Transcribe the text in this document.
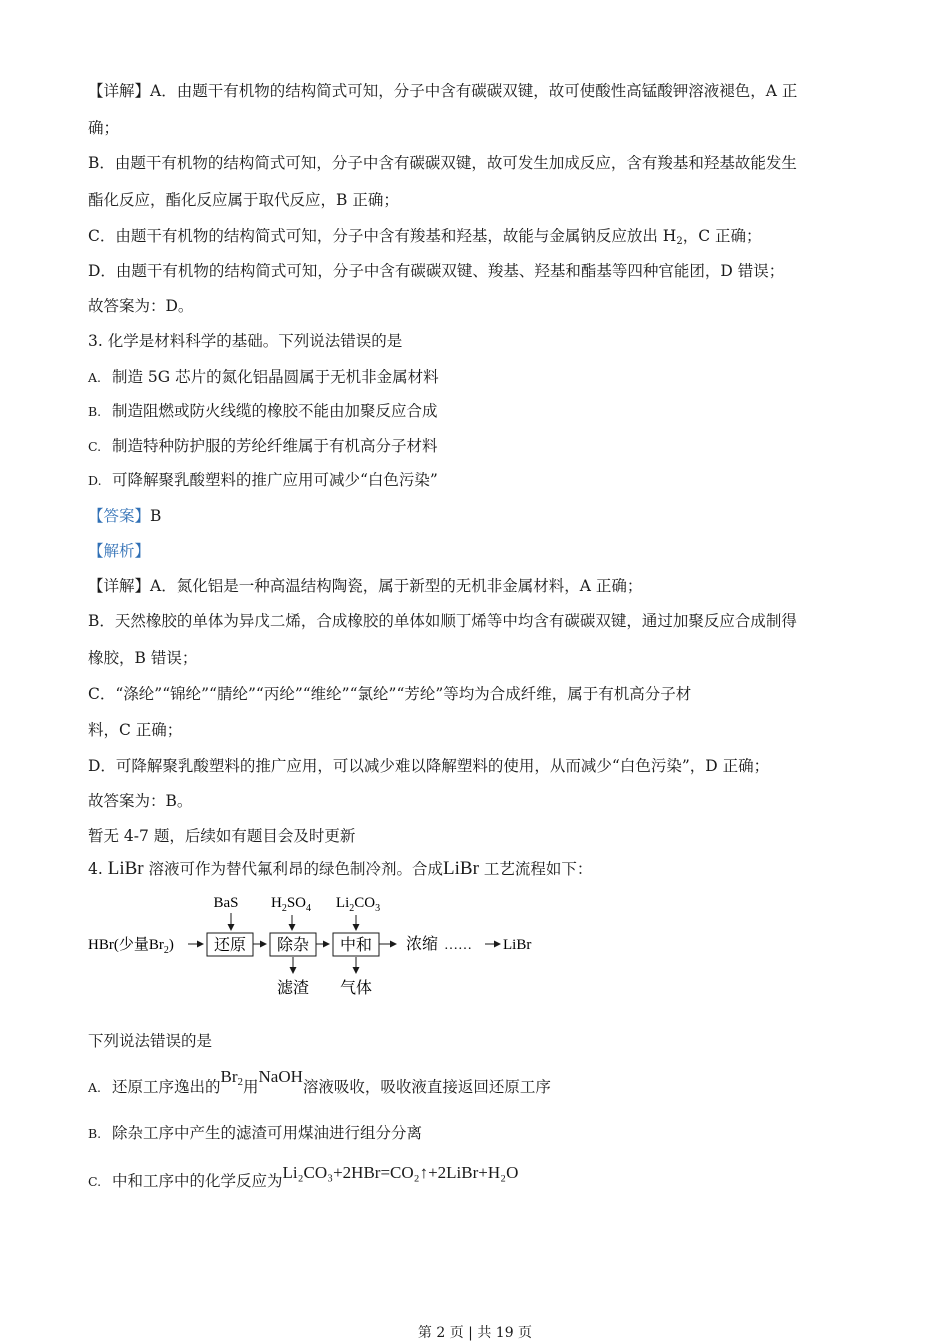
【详解】A．由题干有机物的结构简式可知，分子中含有碳碳双键，故可使酸性高锰酸钾溶液褪色，A 正
确；
B．由题干有机物的结构简式可知，分子中含有碳碳双键，故可发生加成反应，含有羧基和羟基故能发生
酯化反应，酯化反应属于取代反应，B 正确；
C．由题干有机物的结构简式可知，分子中含有羧基和羟基，故能与金属钠反应放出 $H_2$，C 正确；
D．由题干有机物的结构简式可知，分子中含有碳碳双键、羧基、羟基和酯基等四种官能团，D 错误；
故答案为：D。
3. 化学是材料科学的基础。下列说法错误的是
A. 制造 5G 芯片的氮化铝晶圆属于无机非金属材料
B. 制造阻燃或防火线缆的橡胶不能由加聚反应合成
C. 制造特种防护服的芳纶纤维属于有机高分子材料
D. 可降解聚乳酸塑料的推广应用可减少“白色污染”
【答案】B
【解析】
【详解】A．氮化铝是一种高温结构陶瓷，属于新型的无机非金属材料，A 正确；
B．天然橡胶的单体为异戊二烯，合成橡胶的单体如顺丁烯等中均含有碳碳双键，通过加聚反应合成制得
橡胶，B 错误；
C．“涤纶”“锦纶”“腈纶”“丙纶”“维纶”“氯纶”“芳纶”等均为合成纤维，属于有机高分子材
料，C 正确；
D．可降解聚乳酸塑料的推广应用，可以减少难以降解塑料的使用，从而减少“白色污染”，D 正确；
故答案为：B。
暂无 4-7 题，后续如有题目会及时更新
4. LiBr 溶液可作为替代氟利昂的绿色制冷剂。合成LiBr 工艺流程如下：
BaS $H_2SO_4$ $Li_2CO_3$
HBr(少量$Br_2$)	还原 除杂 中和 浓缩 …… LiBr
滤渣 气体
下列说法错误的是
A. 还原工序逸出的Br2用NaOH溶液吸收，吸收液直接返回还原工序
B. 除杂工序中产生的滤渣可用煤油进行组分分离
C. 中和工序中的化学反应为Li₂CO₃+2HBr=CO₂↑+2LiBr+H₂O
第 2 页 | 共 19 页
